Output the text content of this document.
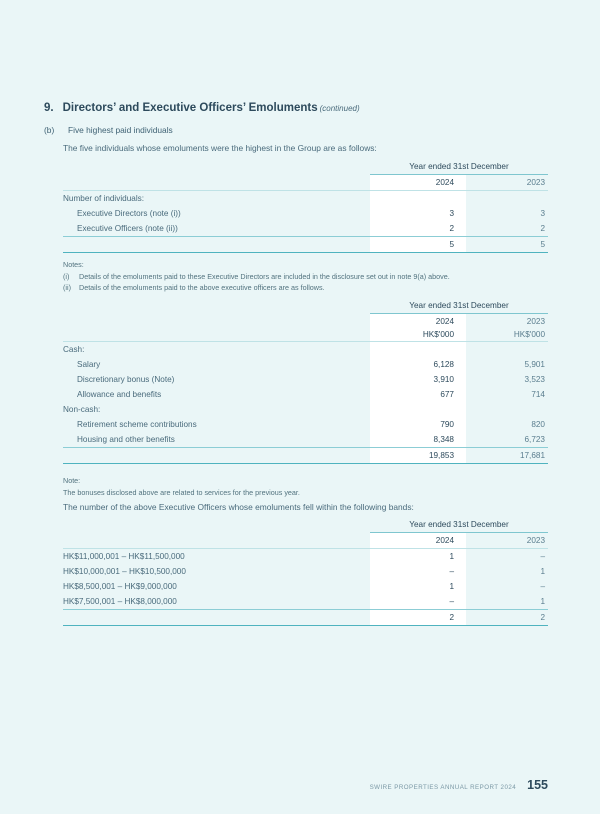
9. Directors’ and Executive Officers’ Emoluments (continued)
(b)	Five highest paid individuals
The five individuals whose emoluments were the highest in the Group are as follows:
	Year ended 31st December	
	2024	2023

Number of individuals:		
Executive Directors (note (i))	3	3
Executive Officers (note (ii))	2	2

	5	5

Notes:
(i)	Details of the emoluments paid to these Executive Directors are included in the disclosure set out in note 9(a) above.
(ii)	Details of the emoluments paid to the above executive officers are as follows.
	Year ended 31st December	
	2024	2023
	HK$'000	HK$'000

Cash:		
Salary	6,128	5,901
Discretionary bonus (Note)	3,910	3,523
Allowance and benefits	677	714
Non-cash:		
Retirement scheme contributions	790	820
Housing and other benefits	8,348	6,723

	19,853	17,681

Note:
The bonuses disclosed above are related to services for the previous year.
The number of the above Executive Officers whose emoluments fell within the following bands:
	Year ended 31st December	
	2024	2023

HK$11,000,001 – HK$11,500,000	1	–
HK$10,000,001 – HK$10,500,000	–	1
HK$8,500,001 – HK$9,000,000	1	–
HK$7,500,001 – HK$8,000,000	–	1

	2	2

SWIRE PROPERTIES ANNUAL REPORT 2024 155
